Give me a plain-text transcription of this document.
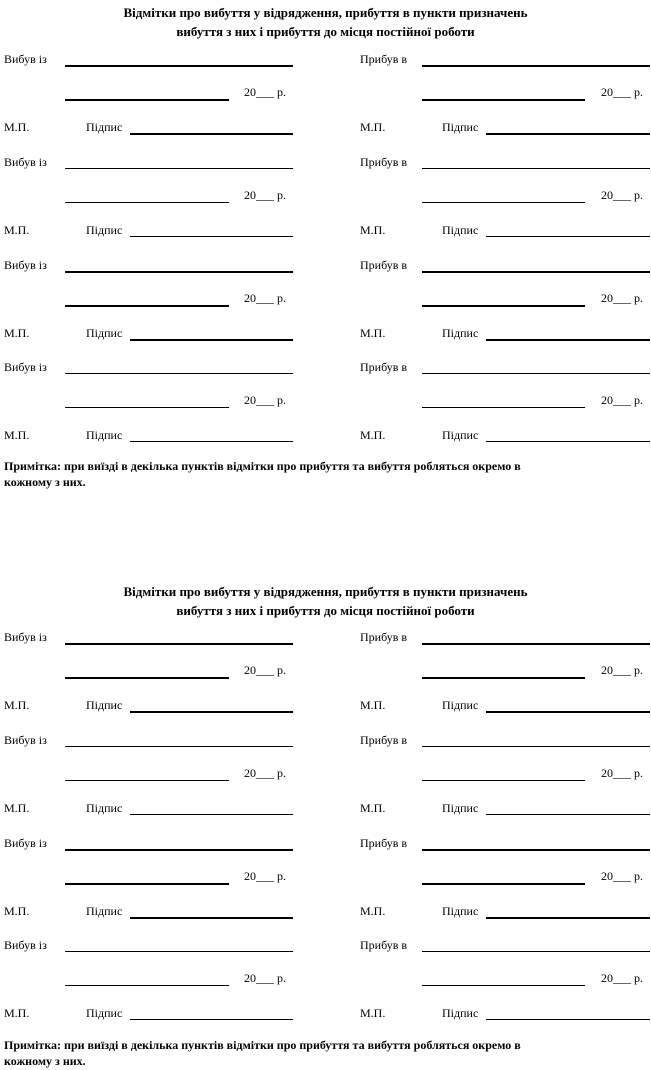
Відмітки про вибуття у відрядження, прибуття в пункти призначень
вибуття з них і прибуття до місця постійної роботи
Вибув із
20___ р.
М.П.	Підпис
Прибув в
20___ р.
М.П.	Підпис
Вибув із
20___ р.
М.П.	Підпис
Прибув в
20___ р.
М.П.	Підпис
Вибув із
20___ р.
М.П.	Підпис
Прибув в
20___ р.
М.П.	Підпис
Вибув із
20___ р.
М.П.	Підпис
Прибув в
20___ р.
М.П.	Підпис
Примітка: при виїзді в декілька пунктів відмітки про прибуття та вибуття робляться окремо в
кожному з них.
Відмітки про вибуття у відрядження, прибуття в пункти призначень
вибуття з них і прибуття до місця постійної роботи
Вибув із
20___ р.
М.П.	Підпис
Прибув в
20___ р.
М.П.	Підпис
Вибув із
20___ р.
М.П.	Підпис
Прибув в
20___ р.
М.П.	Підпис
Вибув із
20___ р.
М.П.	Підпис
Прибув в
20___ р.
М.П.	Підпис
Вибув із
20___ р.
М.П.	Підпис
Прибув в
20___ р.
М.П.	Підпис
Примітка: при виїзді в декілька пунктів відмітки про прибуття та вибуття робляться окремо в
кожному з них.
